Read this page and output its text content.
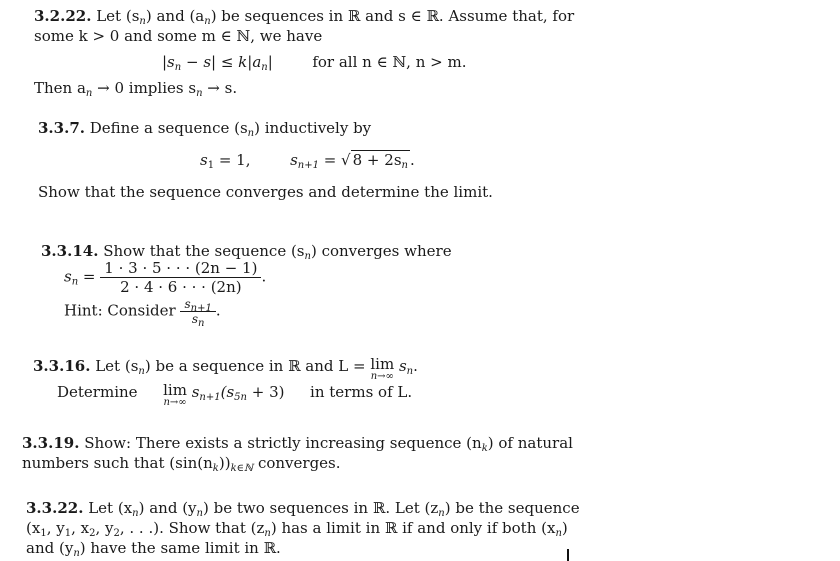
3.2.22. Let $(s_n)$ and $(a_n)$ be sequences in ℝ and s ∈ ℝ. Assume that, for
some k > 0 and some m ∈ ℕ, we have
$|s_n - s| \le k|a_n|$	for all n ∈ ℕ, n > m.
Then $a_n \to 0$ implies $s_n \to s$.
3.3.7. Define a sequence $(s_n)$ inductively by
$s_1 = 1$,	$s_{n+1}$ = √ $8 + 2s_n$ .
Show that the sequence converges and determine the limit.
3.3.14. Show that the sequence $(s_n)$ converges where
$s_n = \frac{1 \cdot 3 \cdot 5 \cdot \cdot \cdot (2n - 1)}{2 \cdot 4 \cdot 6 \cdot \cdot \cdot (2n)}$ .
Hint: Consider $\frac{s_{n+1}}{s_n}$ .
3.3.16. Let $(s_n)$ be a sequence in ℝ and L = lim
n→∞
$s_n$.
Determine lim
n→∞
$s_{n+1}(s_{5n} + 3)$ in terms of L.
3.3.19. Show: There exists a strictly increasing sequence $(n_k)$ of natural
numbers such that $(\sin(n_k))_{k\in ℕ}$ converges.
3.3.22. Let $(x_n)$ and $(y_n)$ be two sequences in ℝ. Let $(z_n)$ be the sequence
($x_1$, $y_1$, $x_2$, $y_2$, . . .). Show that $(z_n)$ has a limit in ℝ if and only if both $(x_n)$
and $(y_n)$ have the same limit in ℝ.
